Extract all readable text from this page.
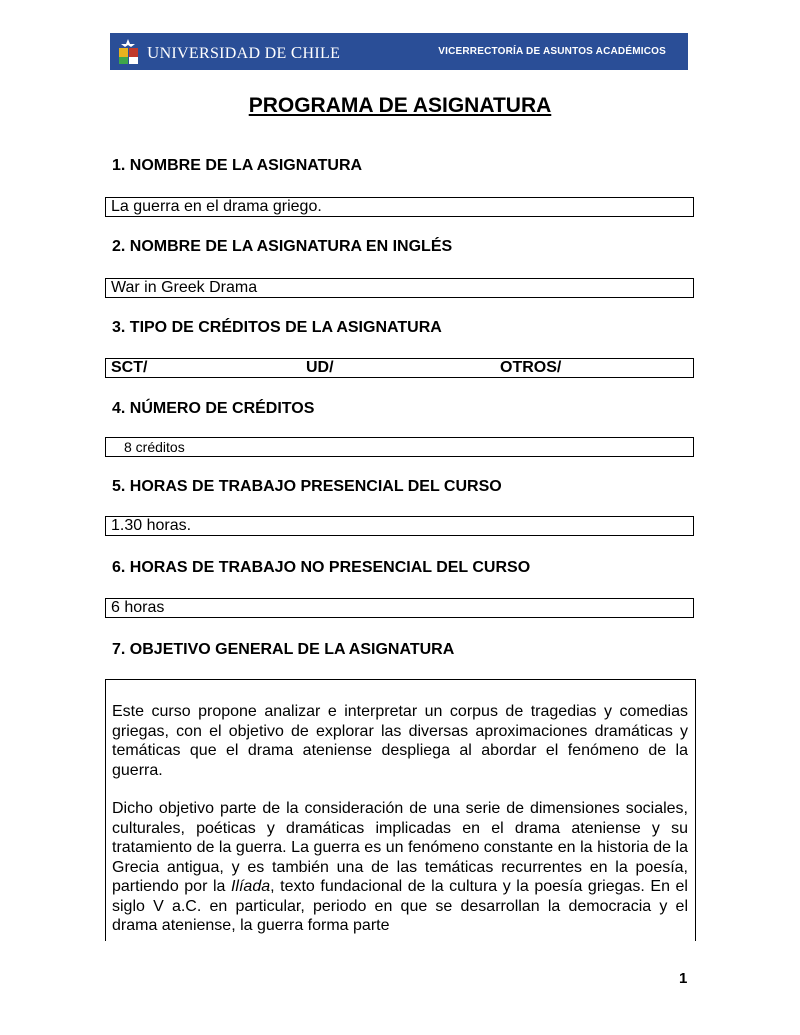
UNIVERSIDAD DE CHILE	VICERRECTORÍA DE ASUNTOS ACADÉMICOS
PROGRAMA DE ASIGNATURA
1. NOMBRE DE LA ASIGNATURA
La guerra en el drama griego.
2. NOMBRE DE LA ASIGNATURA EN INGLÉS
War in Greek Drama
3. TIPO DE CRÉDITOS DE LA ASIGNATURA
SCT/	UD/	OTROS/
4. NÚMERO DE CRÉDITOS
8 créditos
5. HORAS DE TRABAJO PRESENCIAL DEL CURSO
1.30 horas.
6. HORAS DE TRABAJO NO PRESENCIAL DEL CURSO
6 horas
7. OBJETIVO GENERAL DE LA ASIGNATURA

Este curso propone analizar e interpretar un corpus de tragedias y comedias griegas, con el objetivo de explorar las diversas aproximaciones dramáticas y temáticas que el drama ateniense despliega al abordar el fenómeno de la guerra.

Dicho objetivo parte de la consideración de una serie de dimensiones sociales, culturales, poéticas y dramáticas implicadas en el drama ateniense y su tratamiento de la guerra. La guerra es un fenómeno constante en la historia de la Grecia antigua, y es también una de las temáticas recurrentes en la poesía, partiendo por la Ilíada, texto fundacional de la cultura y la poesía griegas. En el siglo V a.C. en particular, periodo en que se desarrollan la democracia y el drama ateniense, la guerra forma parte

1
